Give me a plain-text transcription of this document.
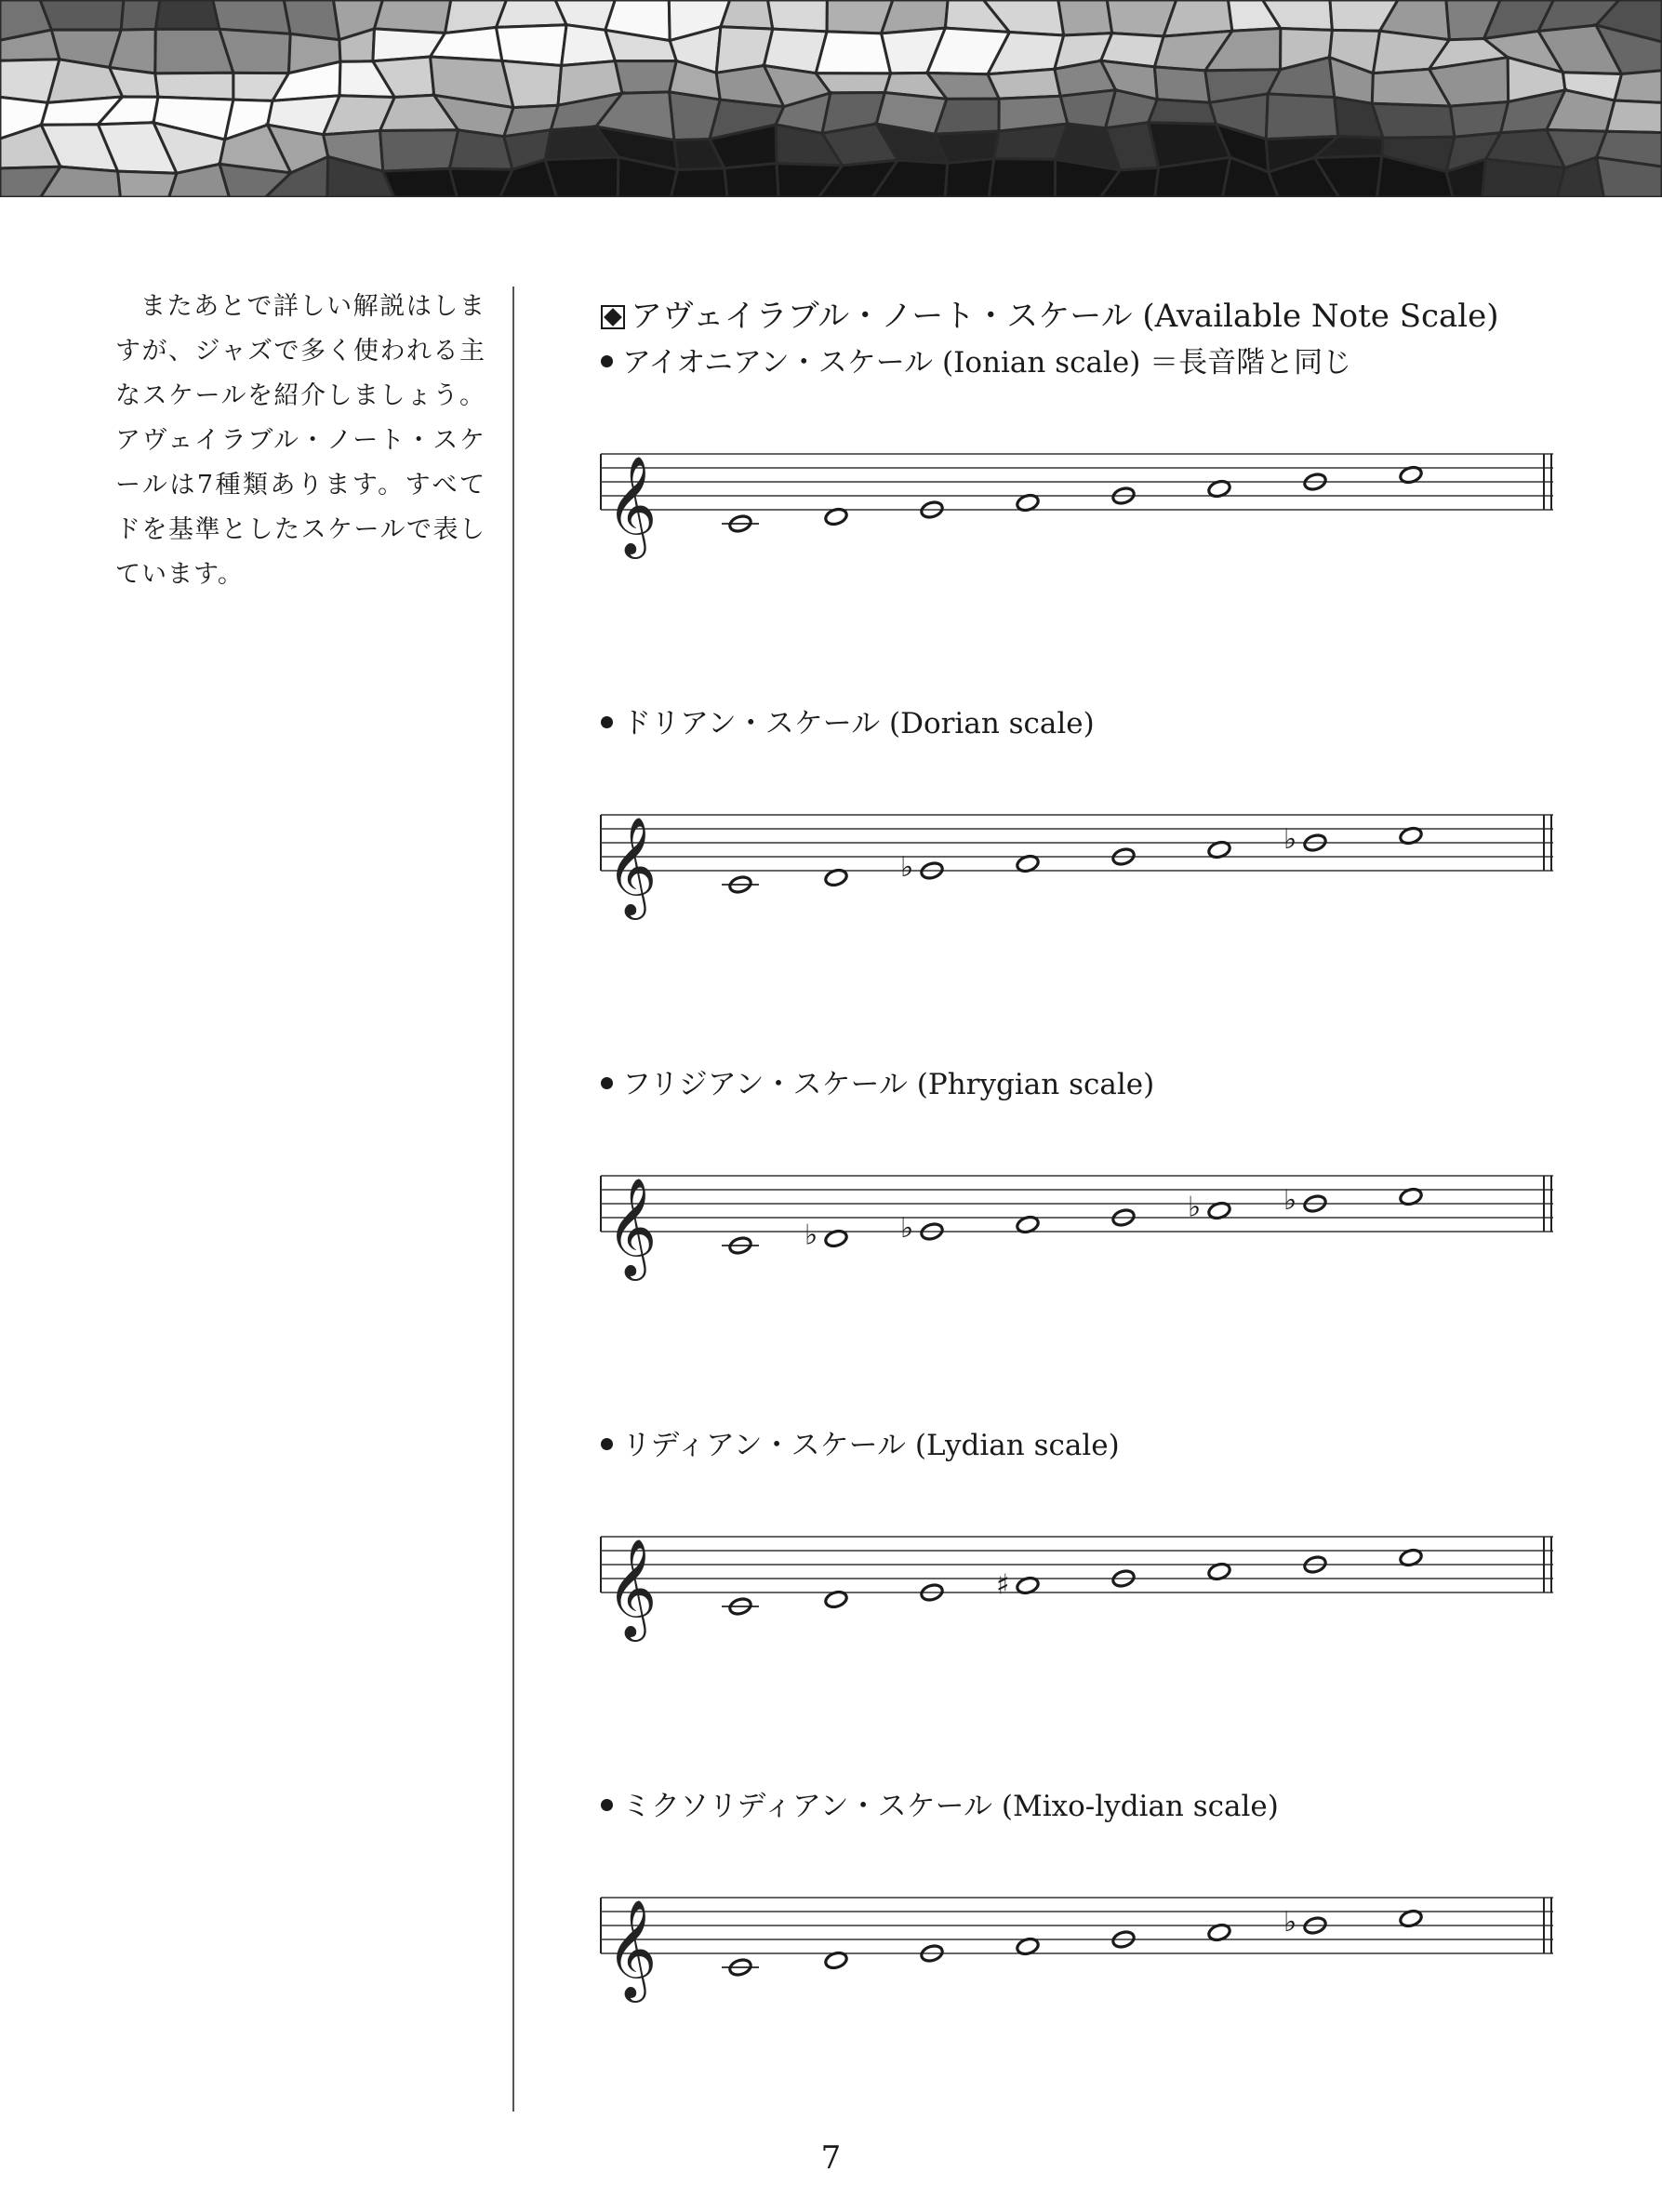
またあとで詳しい解説はしますが、ジャズで多く使われる主なスケールを紹介しましょう。アヴェイラブル・ノート・スケールは7種類あります。すべてドを基準としたスケールで表しています。

アヴェイラブル・ノート・スケール (Available Note Scale)
アイオニアン・スケール (Ionian scale) ＝長音階と同じ
𝄞
ドリアン・スケール (Dorian scale)
𝄞	♭
♭
フリジアン・スケール (Phrygian scale)
𝄞	♭	♭
♭	♭
リディアン・スケール (Lydian scale)
𝄞	♯
ミクソリディアン・スケール (Mixo-lydian scale)
𝄞	♭
7
